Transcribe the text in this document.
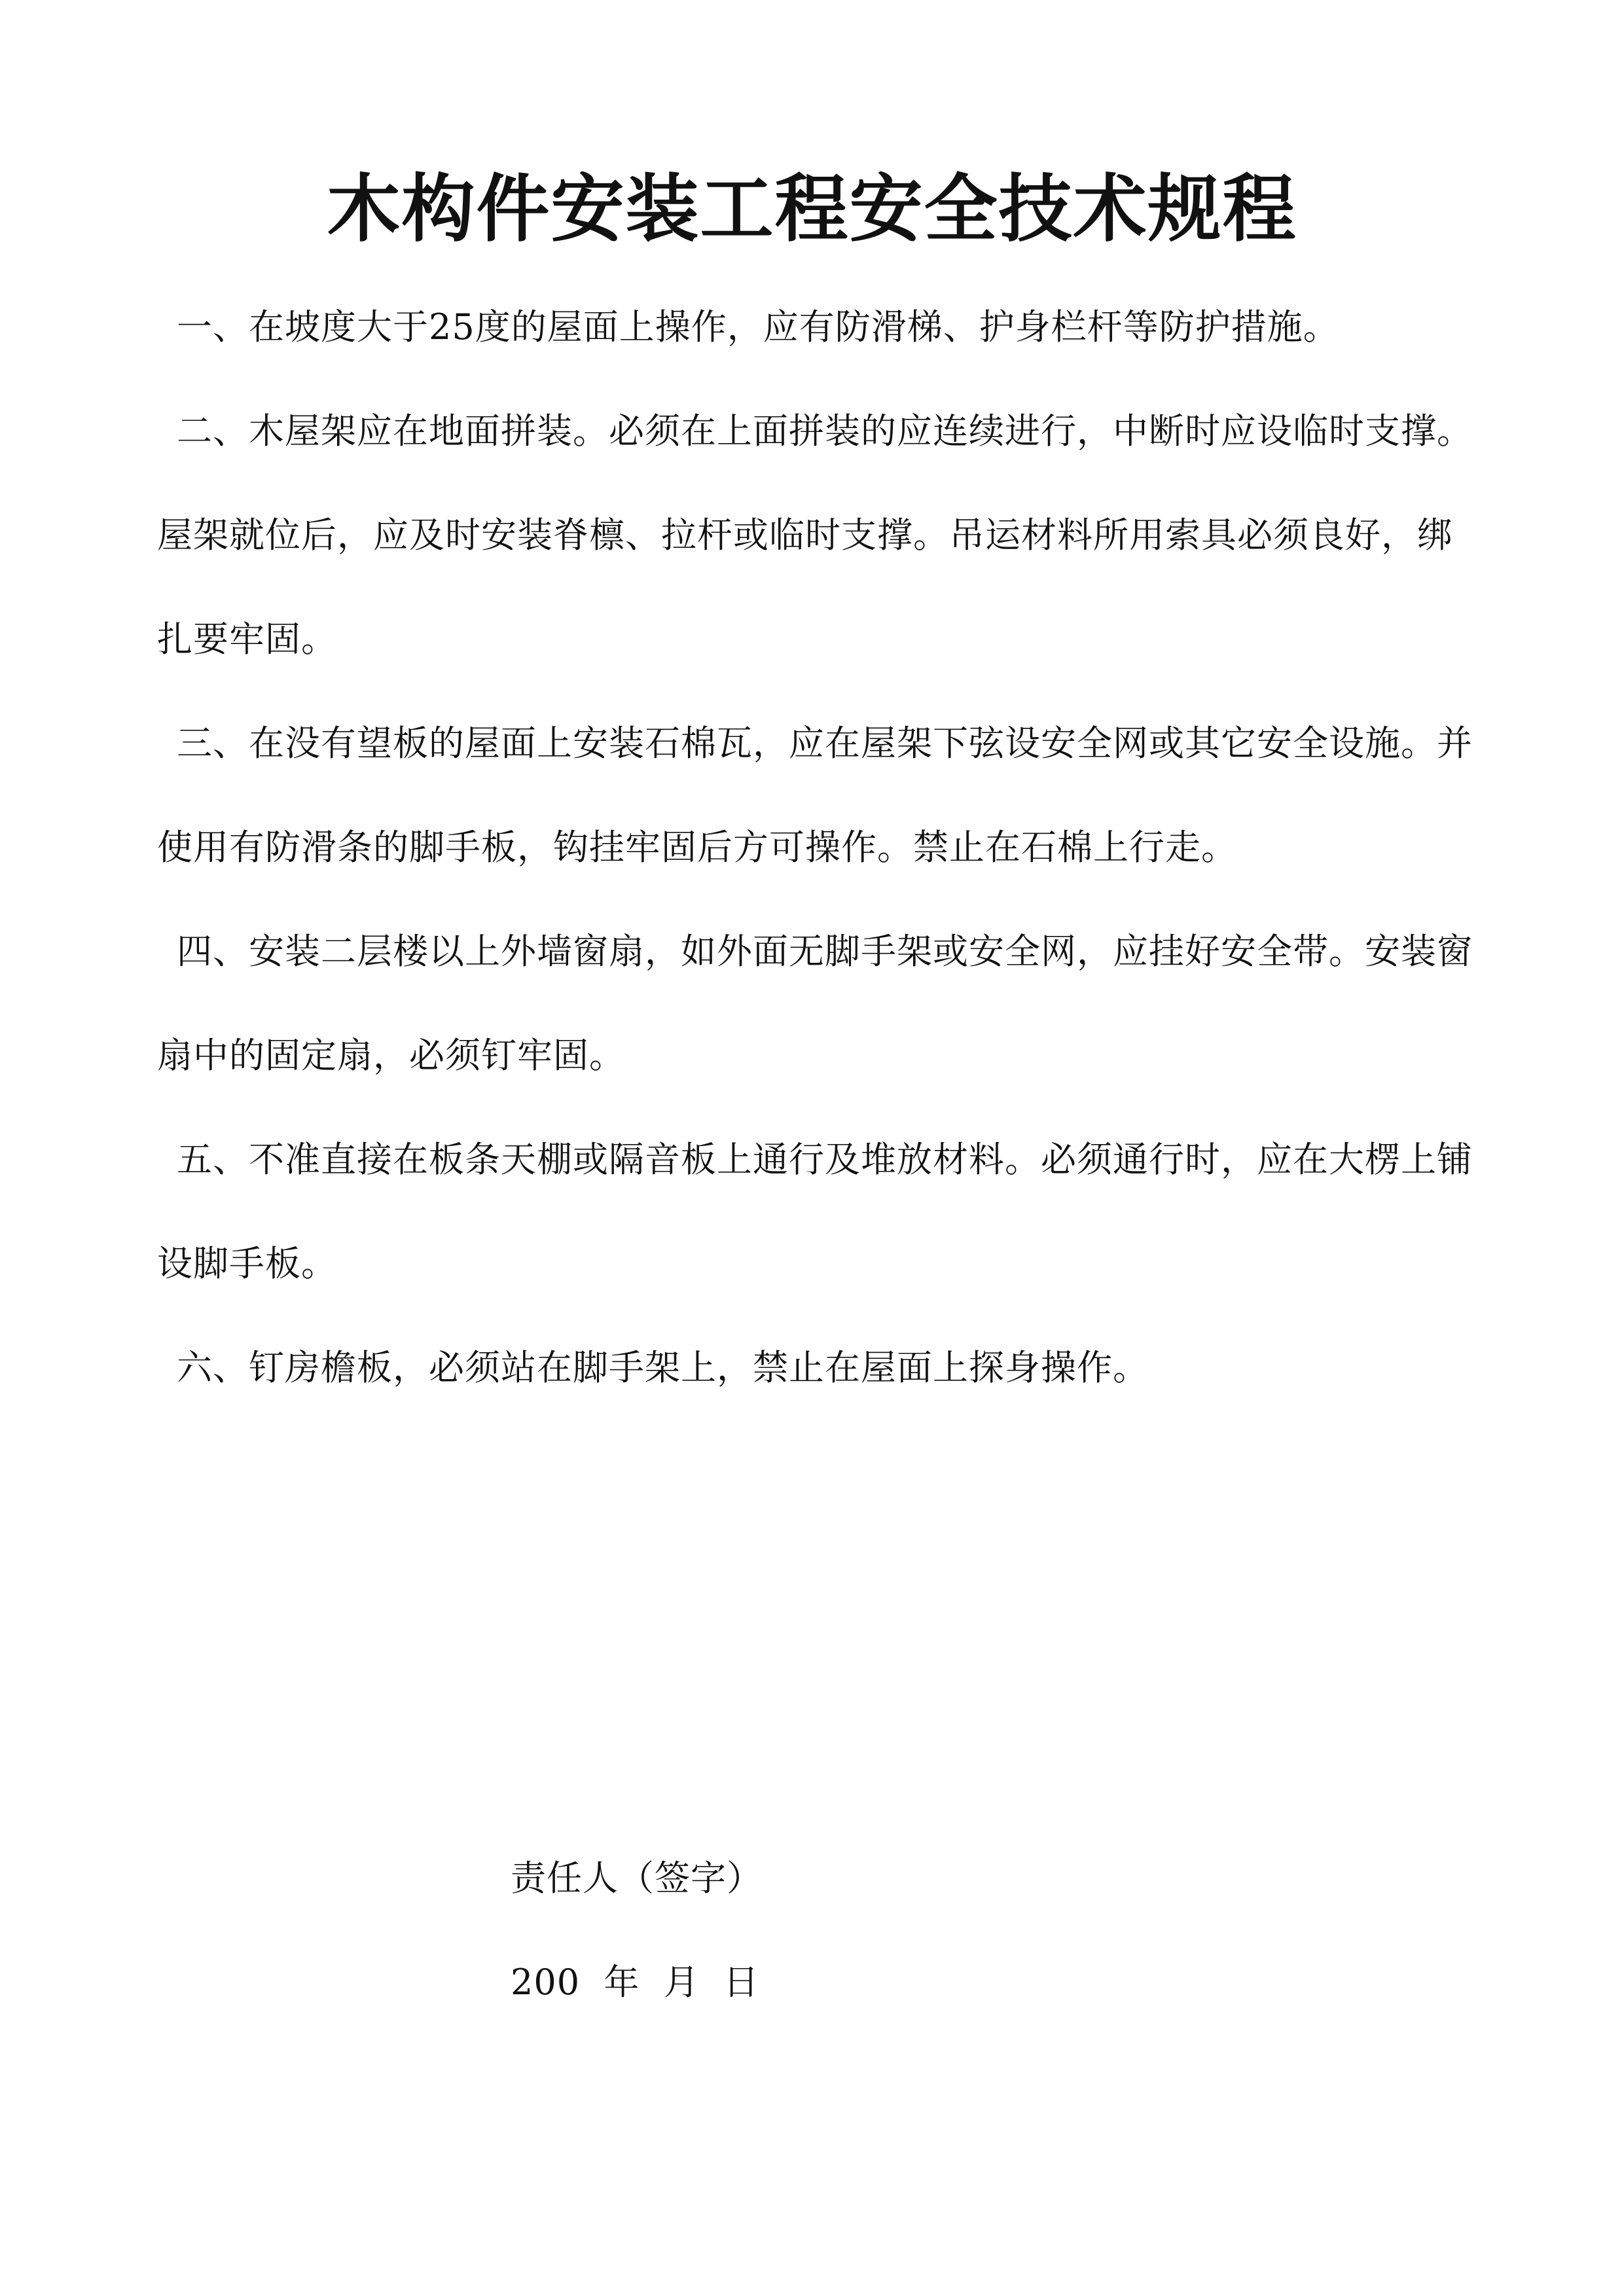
木构件安装工程安全技术规程

一、在坡度大于25度的屋面上操作，应有防滑梯、护身栏杆等防护措施。

二、木屋架应在地面拼装。必须在上面拼装的应连续进行，中断时应设临时支撑。屋架就位后，应及时安装脊檩、拉杆或临时支撑。吊运材料所用索具必须良好，绑扎要牢固。

三、在没有望板的屋面上安装石棉瓦，应在屋架下弦设安全网或其它安全设施。并使用有防滑条的脚手板，钩挂牢固后方可操作。禁止在石棉上行走。

四、安装二层楼以上外墙窗扇，如外面无脚手架或安全网，应挂好安全带。安装窗扇中的固定扇，必须钉牢固。

五、不准直接在板条天棚或隔音板上通行及堆放材料。必须通行时，应在大楞上铺设脚手板。

六、钉房檐板，必须站在脚手架上，禁止在屋面上探身操作。

责任人（签字）

200  年  月  日
